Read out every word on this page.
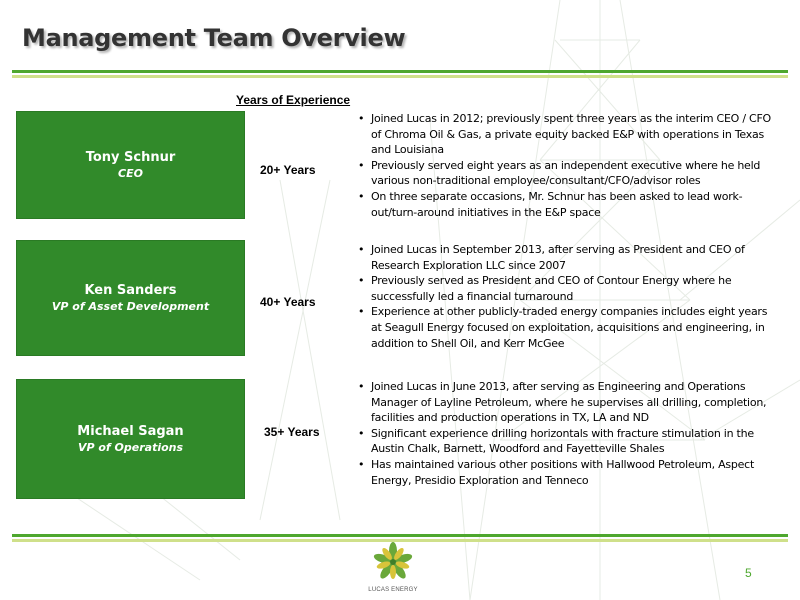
Management Team Overview
Years of Experience
Tony Schnur
CEO	20+ Years
• Joined Lucas in 2012; previously spent three years as the interim CEO / CFO of Chroma Oil & Gas, a private equity backed E&P with operations in Texas and Louisiana
• Previously served eight years as an independent executive where he held various non-traditional employee/consultant/CFO/advisor roles
• On three separate occasions, Mr. Schnur has been asked to lead work-out/turn-around initiatives in the E&P space
Ken Sanders
VP of Asset Development	40+ Years
• Joined Lucas in September 2013, after serving as President and CEO of Research Exploration LLC since 2007
• Previously served as President and CEO of Contour Energy where he successfully led a financial turnaround
• Experience at other publicly-traded energy companies includes eight years at Seagull Energy focused on exploitation, acquisitions and engineering, in addition to Shell Oil, and Kerr McGee
Michael Sagan
VP of Operations
35+ Years
• Joined Lucas in June 2013, after serving as Engineering and Operations Manager of Layline Petroleum, where he supervises all drilling, completion, facilities and production operations in TX, LA and ND
• Significant experience drilling horizontals with fracture stimulation in the Austin Chalk, Barnett, Woodford and Fayetteville Shales
• Has maintained various other positions with Hallwood Petroleum, Aspect Energy, Presidio Exploration and Tenneco
LUCAS ENERGY
5
